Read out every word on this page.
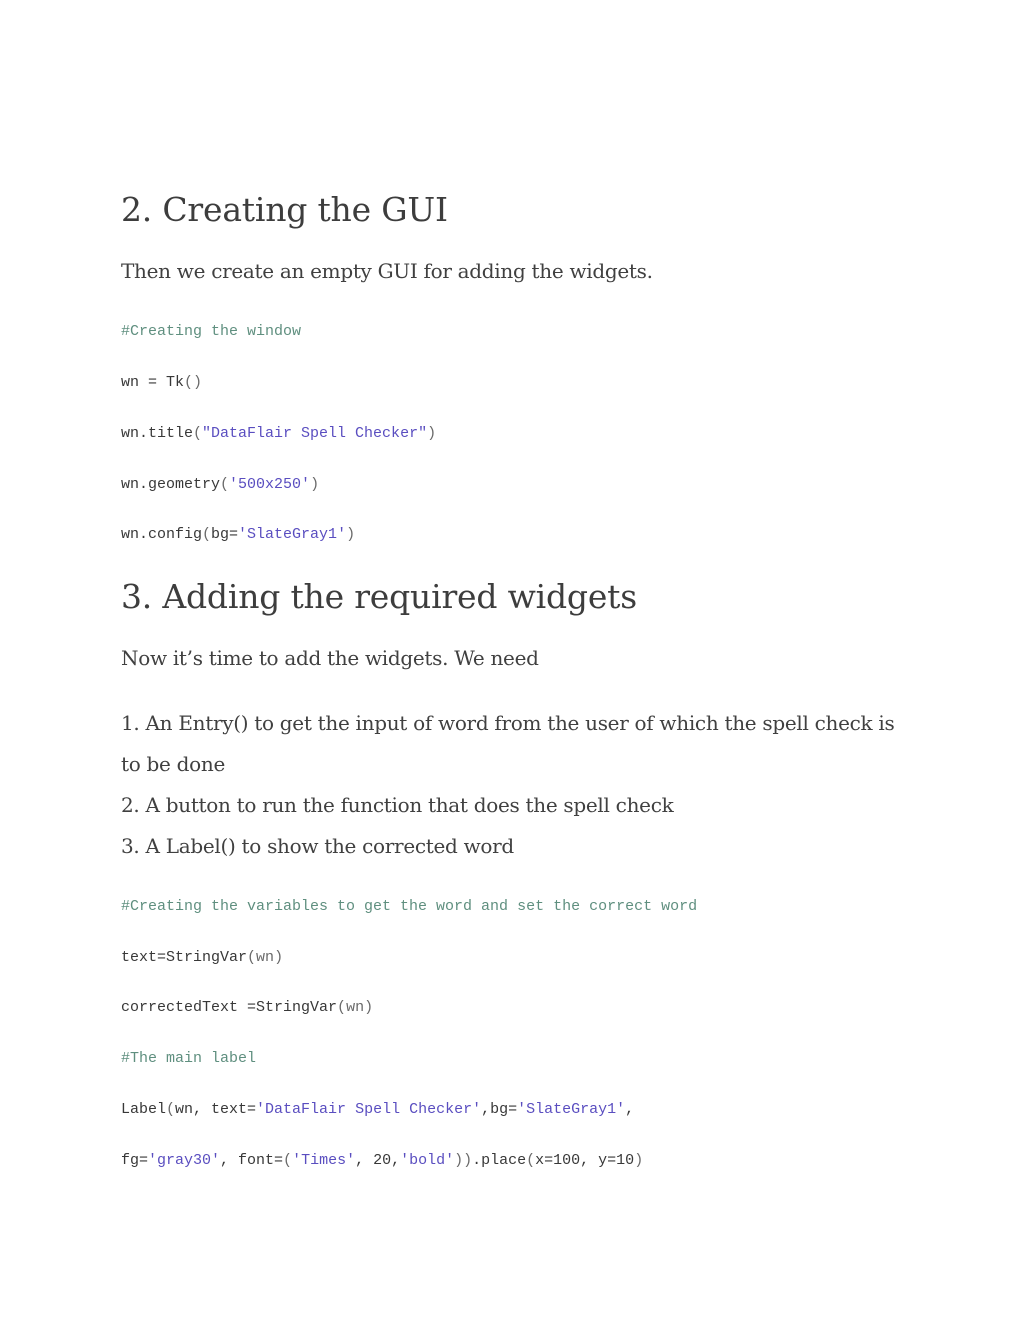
2. Creating the GUI
Then we create an empty GUI for adding the widgets.
#Creating the window
wn = Tk()
wn.title("DataFlair Spell Checker")
wn.geometry('500x250')
wn.config(bg='SlateGray1')
3. Adding the required widgets
Now it’s time to add the widgets. We need
1. An Entry() to get the input of word from the user of which the spell check is
to be done
2. A button to run the function that does the spell check
3. A Label() to show the corrected word
#Creating the variables to get the word and set the correct word
text=StringVar(wn)
correctedText =StringVar(wn)
#The main label
Label(wn, text='DataFlair Spell Checker',bg='SlateGray1',
fg='gray30', font=('Times', 20,'bold')).place(x=100, y=10)
